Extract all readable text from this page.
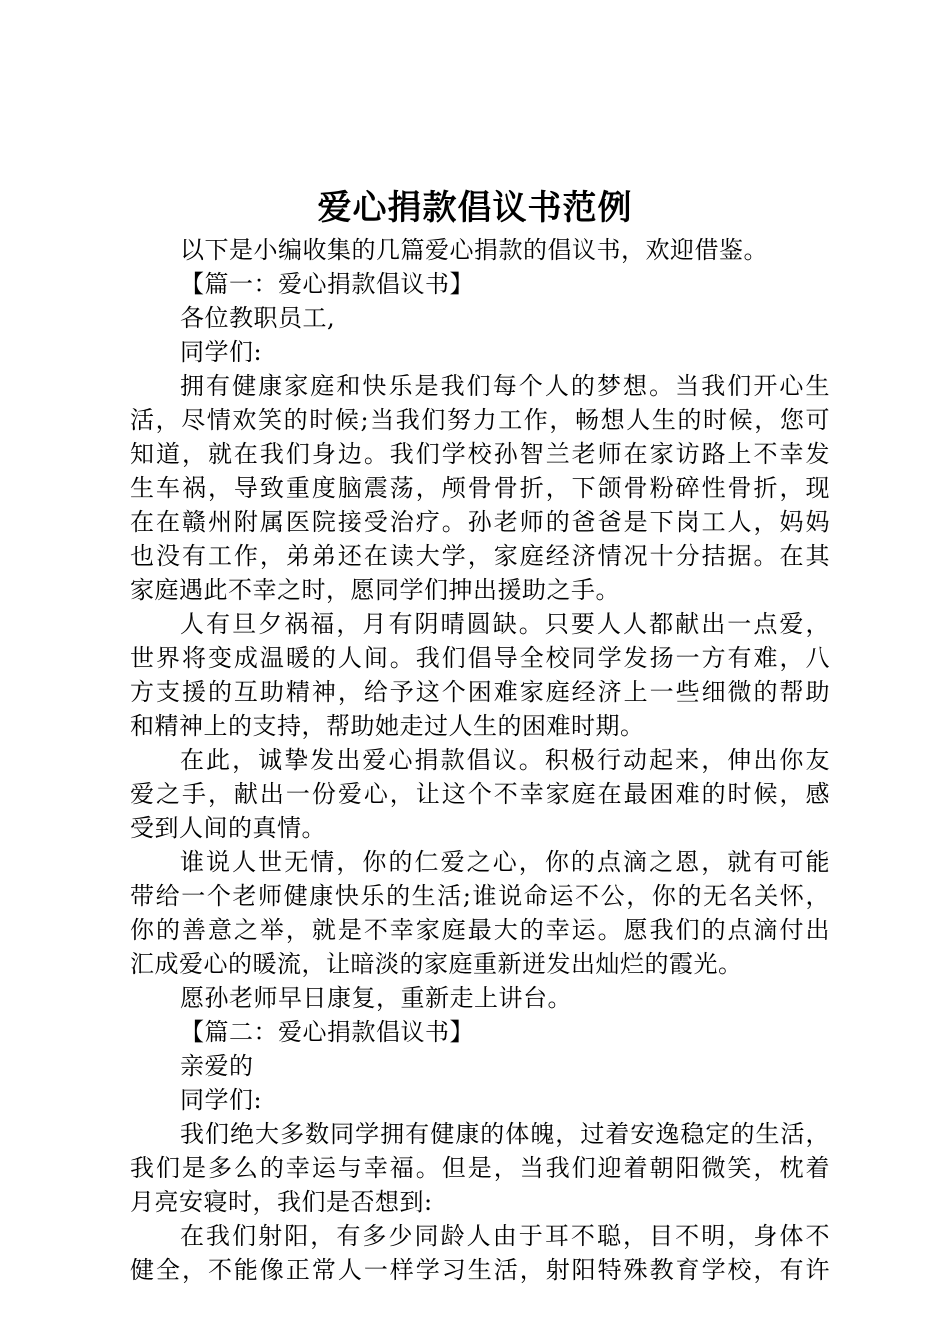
爱心捐款倡议书范例
以下是小编收集的几篇爱心捐款的倡议书，欢迎借鉴。
【篇一：爱心捐款倡议书】
各位教职员工,
同学们:
拥有健康家庭和快乐是我们每个人的梦想。当我们开心生
活，尽情欢笑的时候;当我们努力工作，畅想人生的时候，您可
知道，就在我们身边。我们学校孙智兰老师在家访路上不幸发
生车祸，导致重度脑震荡，颅骨骨折，下颌骨粉碎性骨折，现
在在赣州附属医院接受治疗。孙老师的爸爸是下岗工人，妈妈
也没有工作，弟弟还在读大学，家庭经济情况十分拮据。在其
家庭遇此不幸之时，愿同学们抻出援助之手。
人有旦夕祸福，月有阴晴圆缺。只要人人都献出一点爱，
世界将变成温暖的人间。我们倡导全校同学发扬一方有难，八
方支援的互助精神，给予这个困难家庭经济上一些细微的帮助
和精神上的支持，帮助她走过人生的困难时期。
在此，诚挚发出爱心捐款倡议。积极行动起来，伸出你友
爱之手，献出一份爱心，让这个不幸家庭在最困难的时候，感
受到人间的真情。
谁说人世无情，你的仁爱之心，你的点滴之恩，就有可能
带给一个老师健康快乐的生活;谁说命运不公，你的无名关怀，
你的善意之举，就是不幸家庭最大的幸运。愿我们的点滴付出
汇成爱心的暖流，让暗淡的家庭重新迸发出灿烂的霞光。
愿孙老师早日康复，重新走上讲台。
【篇二：爱心捐款倡议书】
亲爱的
同学们:
我们绝大多数同学拥有健康的体魄，过着安逸稳定的生活，
我们是多么的幸运与幸福。但是，当我们迎着朝阳微笑，枕着
月亮安寝时，我们是否想到:
在我们射阳，有多少同龄人由于耳不聪，目不明，身体不
健全，不能像正常人一样学习生活，射阳特殊教育学校，有许
